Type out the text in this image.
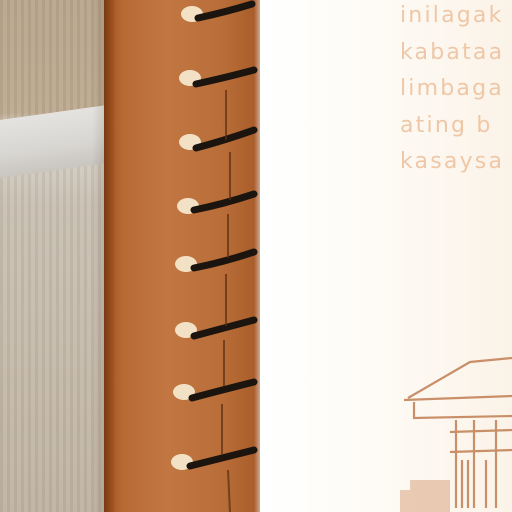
inilagak
kabataa
limbaga
ating b
kasaysa
